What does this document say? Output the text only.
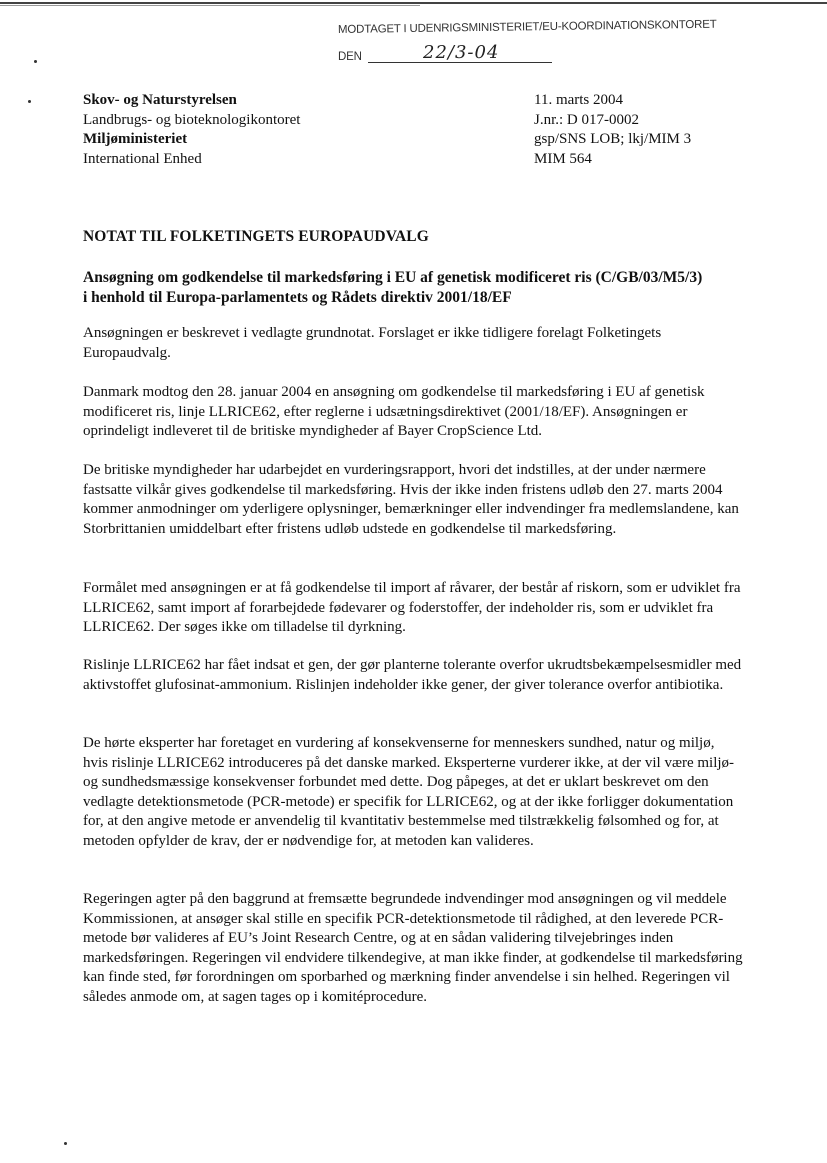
MODTAGET I UDENRIGSMINISTERIET/EU-KOORDINATIONSKONTORET
DEN	22/3-04
Skov- og Naturstyrelsen
Landbrugs- og bioteknologikontoret
Miljøministeriet
International Enhed
11. marts 2004
J.nr.: D 017-0002
gsp/SNS LOB; lkj/MIM 3
MIM 564
NOTAT TIL FOLKETINGETS EUROPAUDVALG
Ansøgning om godkendelse til markedsføring i EU af genetisk modificeret ris (C/GB/03/M5/3)
i henhold til Europa-parlamentets og Rådets direktiv 2001/18/EF

Ansøgningen er beskrevet i vedlagte grundnotat. Forslaget er ikke tidligere forelagt Folketingets Europaudvalg.

Danmark modtog den 28. januar 2004 en ansøgning om godkendelse til markedsføring i EU af genetisk modificeret ris, linje LLRICE62, efter reglerne i udsætningsdirektivet (2001/18/EF). Ansøgningen er oprindeligt indleveret til de britiske myndigheder af Bayer CropScience Ltd.

De britiske myndigheder har udarbejdet en vurderingsrapport, hvori det indstilles, at der under nærmere fastsatte vilkår gives godkendelse til markedsføring. Hvis der ikke inden fristens udløb den 27. marts 2004 kommer anmodninger om yderligere oplysninger, bemærkninger eller indvendinger fra medlemslandene, kan Storbrittanien umiddelbart efter fristens udløb udstede en godkendelse til markedsføring.

Formålet med ansøgningen er at få godkendelse til import af råvarer, der består af riskorn, som er udviklet fra LLRICE62, samt import af forarbejdede fødevarer og foderstoffer, der indeholder ris, som er udviklet fra LLRICE62. Der søges ikke om tilladelse til dyrkning.

Rislinje LLRICE62 har fået indsat et gen, der gør planterne tolerante overfor ukrudtsbekæmpelsesmidler med aktivstoffet glufosinat-ammonium. Rislinjen indeholder ikke gener, der giver tolerance overfor antibiotika.

De hørte eksperter har foretaget en vurdering af konsekvenserne for menneskers sundhed, natur og miljø, hvis rislinje LLRICE62 introduceres på det danske marked. Eksperterne vurderer ikke, at der vil være miljø- og sundhedsmæssige konsekvenser forbundet med dette. Dog påpeges, at det er uklart beskrevet om den vedlagte detektionsmetode (PCR-metode) er specifik for LLRICE62, og at der ikke forligger dokumentation for, at den angive metode er anvendelig til kvantitativ bestemmelse med tilstrækkelig følsomhed og for, at metoden opfylder de krav, der er nødvendige for, at metoden kan valideres.

Regeringen agter på den baggrund at fremsætte begrundede indvendinger mod ansøgningen og vil meddele Kommissionen, at ansøger skal stille en specifik PCR-detektionsmetode til rådighed, at den leverede PCR-metode bør valideres af EU’s Joint Research Centre, og at en sådan validering tilvejebringes inden markedsføringen. Regeringen vil endvidere tilkendegive, at man ikke finder, at godkendelse til markedsføring kan finde sted, før forordningen om sporbarhed og mærkning finder anvendelse i sin helhed. Regeringen vil således anmode om, at sagen tages op i komitéprocedure.
